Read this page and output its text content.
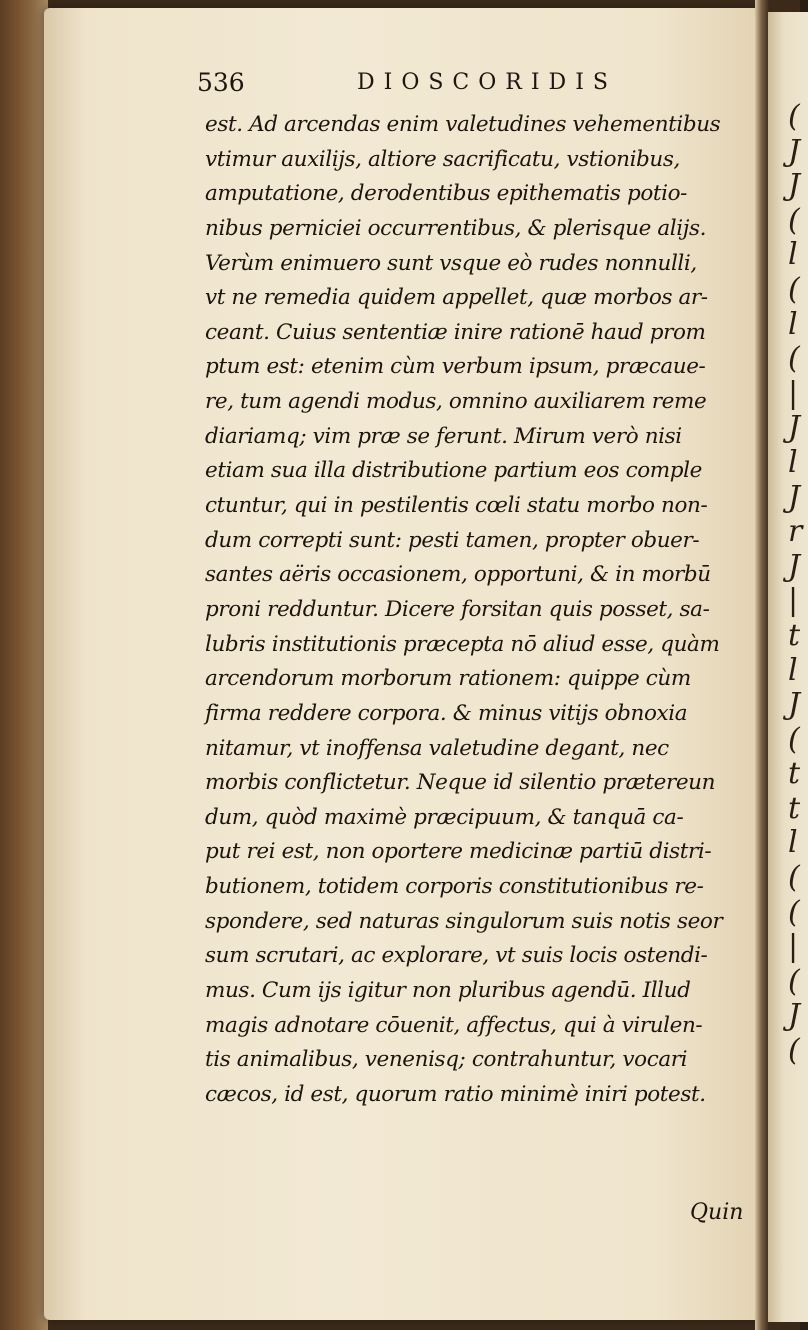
(
J
J
(
l
(
l
(
|
J
l
J
r
J
|
t
l
J
(
t
t
l
(
(
|
(
J
(
536	DIOSCORIDIS
est. Ad arcendas enim valetudines vehementibus
vtimur auxilijs, altiore sacrificatu, vstionibus,
amputatione, derodentibus epithematis potio-
nibus perniciei occurrentibus, & plerisque alijs.
Verùm enimuero sunt vsque eò rudes nonnulli,
vt ne remedia quidem appellet, quæ morbos ar-
ceant. Cuius sententiæ inire rationē haud prom
ptum est: etenim cùm verbum ipsum, præcaue-
re, tum agendi modus, omnino auxiliarem reme
diariamq; vim præ se ferunt. Mirum verò nisi
etiam sua illa distributione partium eos comple
ctuntur, qui in pestilentis cœli statu morbo non-
dum correpti sunt: pesti tamen, propter obuer-
santes aëris occasionem, opportuni, & in morbū
proni redduntur. Dicere forsitan quis posset, sa-
lubris institutionis præcepta nō aliud esse, quàm
arcendorum morborum rationem: quippe cùm
firma reddere corpora. & minus vitijs obnoxia
nitamur, vt inoffensa valetudine degant, nec
morbis conflictetur. Neque id silentio prætereun
dum, quòd maximè præcipuum, & tanquā ca-
put rei est, non oportere medicinæ partiū distri-
butionem, totidem corporis constitutionibus re-
spondere, sed naturas singulorum suis notis seor
sum scrutari, ac explorare, vt suis locis ostendi-
mus. Cum ijs igitur non pluribus agendū. Illud
magis adnotare cōuenit, affectus, qui à virulen-
tis animalibus, venenisq; contrahuntur, vocari
cæcos, id est, quorum ratio minimè iniri potest.
Quin
